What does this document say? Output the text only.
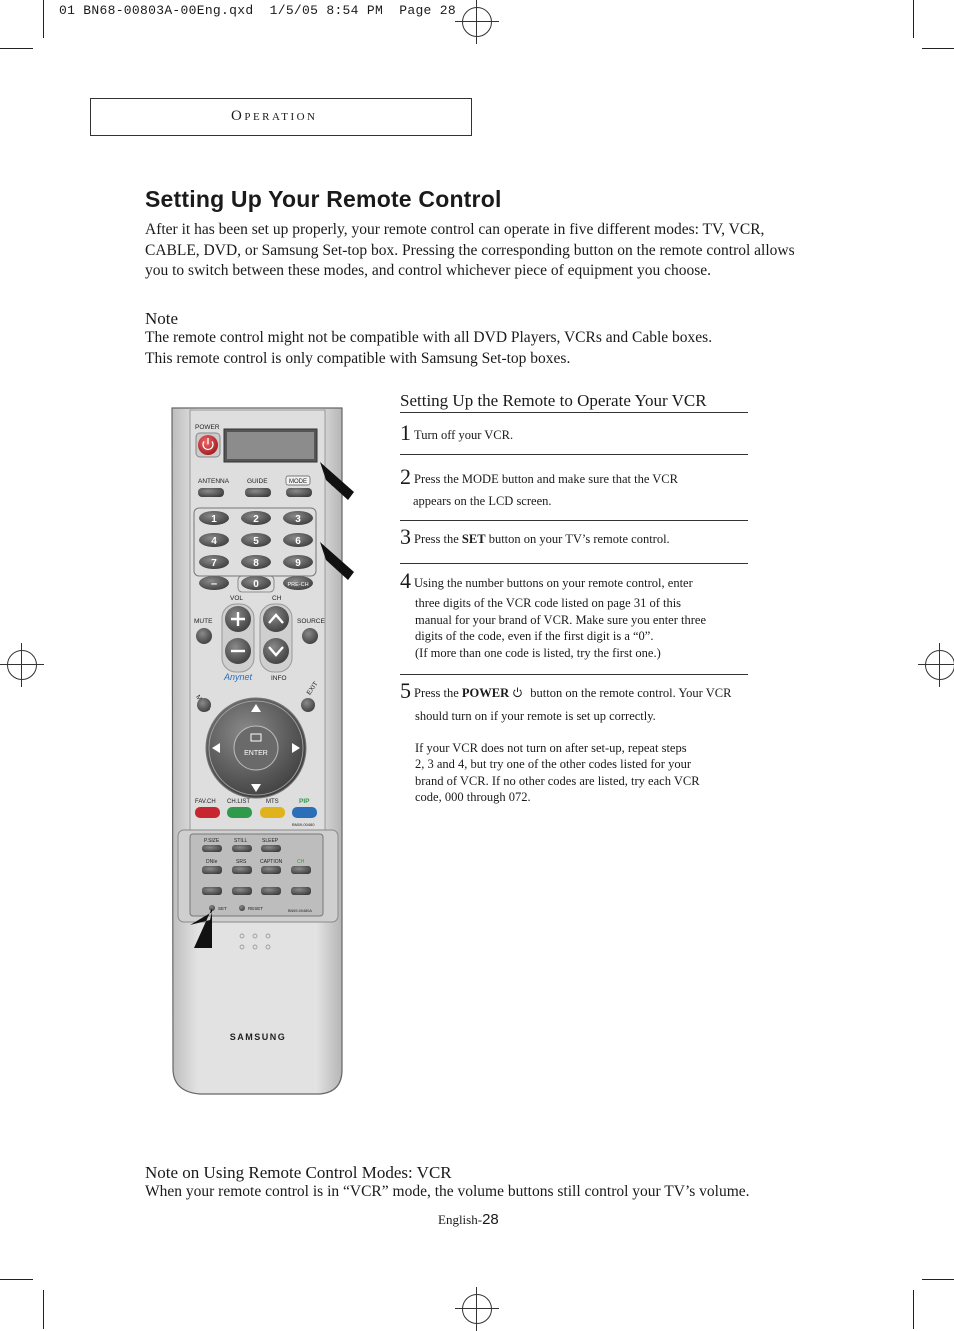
01 BN68-00803A-00Eng.qxd  1/5/05 8:54 PM  Page 28
Operation
Setting Up Your Remote Control
After it has been set up properly, your remote control can operate in five different modes: TV, VCR, CABLE, DVD, or Samsung Set-top box. Pressing the corresponding button on the remote control allows you to switch between these modes, and control whichever piece of equipment you choose.
Note
The remote control might not be compatible with all DVD Players, VCRs and Cable boxes.
This remote control is only compatible with Samsung Set-top boxes.
Setting Up the Remote to Operate Your VCR
1 Turn off your VCR.
2 Press the MODE button and make sure that the VCR
appears on the LCD screen.
3 Press the SET button on your TV’s remote control.
4 Using the number buttons on your remote control, enter
three digits of the VCR code listed on page 31 of this
manual for your brand of VCR. Make sure you enter three
digits of the code, even if the first digit is a “0”.
(If more than one code is listed, try the first one.)
5 Press the POWER button on the remote control. Your VCR
should turn on if your remote is set up correctly.
If your VCR does not turn on after set-up, repeat steps
2, 3 and 4, but try one of the other codes listed for your
brand of VCR. If no other codes are listed, try each VCR
code, 000 through 072.
POWER
ANTENNA	GUIDE	MODE
1	2	3
4	5	6
7	8	9
–	0	PRE-CH
VOL	CH
MUTE	SOURCE
Anynet	INFO
EXIT
ENTER
FAV.CH CH.LIST	MTS	PIP
BN59-00480
P.SIZE	STILL	SLEEP
DNIe	SRS	CAPTION	CH
SET	RESET	BN59-00480A
SAMSUNG
Note on Using Remote Control Modes: VCR
When your remote control is in “VCR” mode, the volume buttons still control your TV’s volume.
English-28
